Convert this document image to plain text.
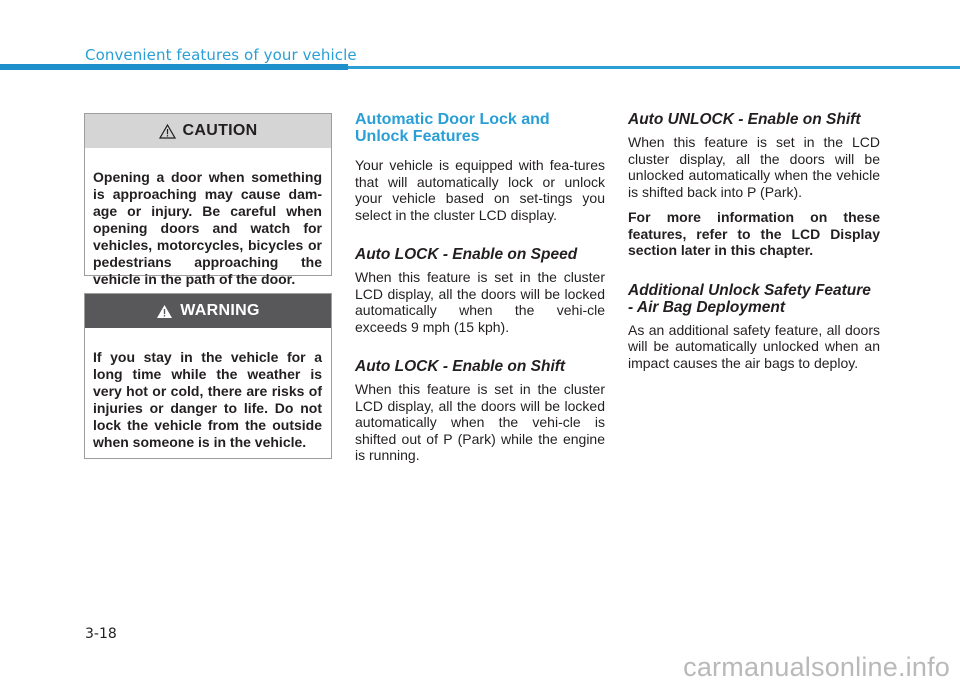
Convenient features of your vehicle
CAUTION

Opening a door when something is approaching may cause dam-age or injury. Be careful when opening doors and watch for vehicles, motorcycles, bicycles or pedestrians approaching the vehicle in the path of the door.

WARNING

If you stay in the vehicle for a long time while the weather is very hot or cold, there are risks of injuries or danger to life. Do not lock the vehicle from the outside when someone is in the vehicle.

Automatic Door Lock and Unlock Features

Your vehicle is equipped with fea-tures that will automatically lock or unlock your vehicle based on set-tings you select in the cluster LCD display.

Auto LOCK - Enable on Speed

When this feature is set in the cluster LCD display, all the doors will be locked automatically when the vehi-cle exceeds 9 mph (15 kph).

Auto LOCK - Enable on Shift

When this feature is set in the cluster LCD display, all the doors will be locked automatically when the vehi-cle is shifted out of P (Park) while the engine is running.

Auto UNLOCK - Enable on Shift

When this feature is set in the LCD cluster display, all the doors will be unlocked automatically when the vehicle is shifted back into P (Park).

For more information on these features, refer to the LCD Display section later in this chapter.

Additional Unlock Safety Feature - Air Bag Deployment

As an additional safety feature, all doors will be automatically unlocked when an impact causes the air bags to deploy.

3-18
carmanualsonline.info
